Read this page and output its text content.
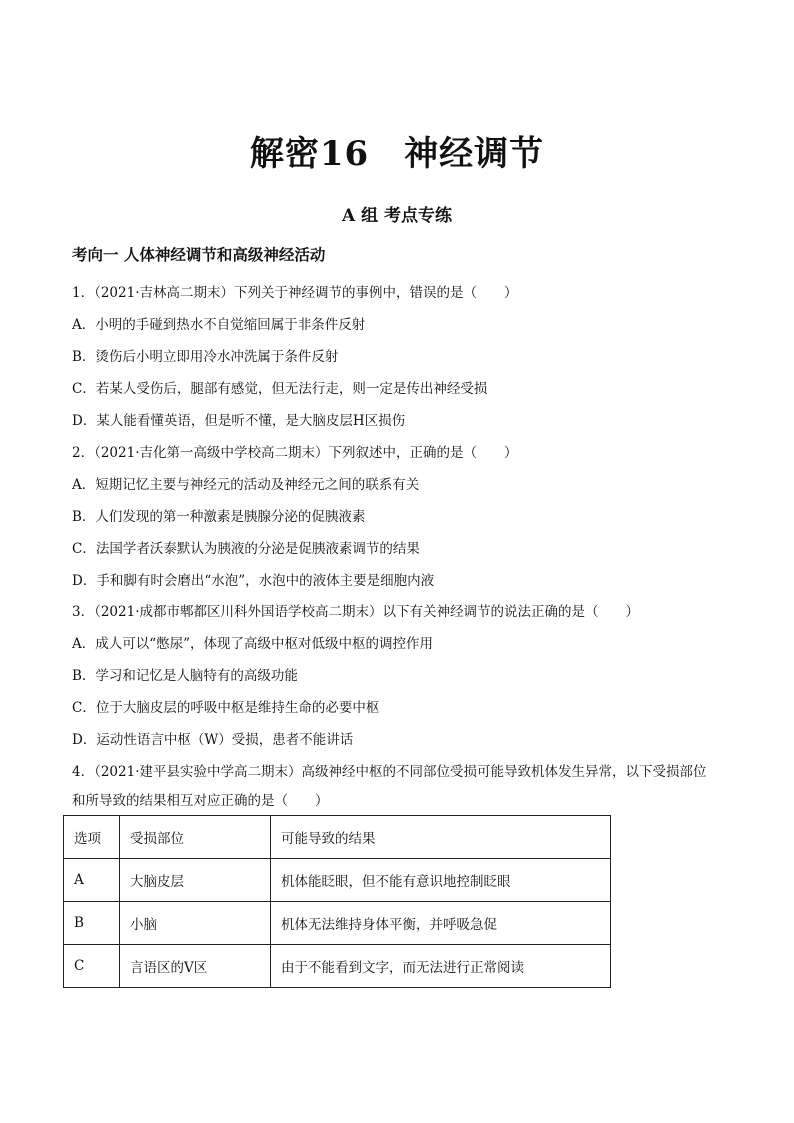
解密16　神经调节
A 组 考点专练
考向一 人体神经调节和高级神经活动
1．（2021·吉林高二期末）下列关于神经调节的事例中，错误的是（　　）
A．小明的手碰到热水不自觉缩回属于非条件反射
B．烫伤后小明立即用冷水冲洗属于条件反射
C．若某人受伤后，腿部有感觉，但无法行走，则一定是传出神经受损
D．某人能看懂英语，但是听不懂，是大脑皮层H区损伤
2．（2021·吉化第一高级中学校高二期末）下列叙述中，正确的是（　　）
A．短期记忆主要与神经元的活动及神经元之间的联系有关
B．人们发现的第一种激素是胰腺分泌的促胰液素
C．法国学者沃泰默认为胰液的分泌是促胰液素调节的结果
D．手和脚有时会磨出“水泡”，水泡中的液体主要是细胞内液
3．（2021·成都市郫都区川科外国语学校高二期末）以下有关神经调节的说法正确的是（　　）
A．成人可以“憋尿”，体现了高级中枢对低级中枢的调控作用
B．学习和记忆是人脑特有的高级功能
C．位于大脑皮层的呼吸中枢是维持生命的必要中枢
D．运动性语言中枢（W）受损，患者不能讲话
4．（2021·建平县实验中学高二期末）高级神经中枢的不同部位受损可能导致机体发生异常，以下受损部位
和所导致的结果相互对应正确的是（　　）
选项	受损部位	可能导致的结果
A	大脑皮层	机体能眨眼，但不能有意识地控制眨眼
B	小脑	机体无法维持身体平衡，并呼吸急促
C	言语区的V区	由于不能看到文字，而无法进行正常阅读
